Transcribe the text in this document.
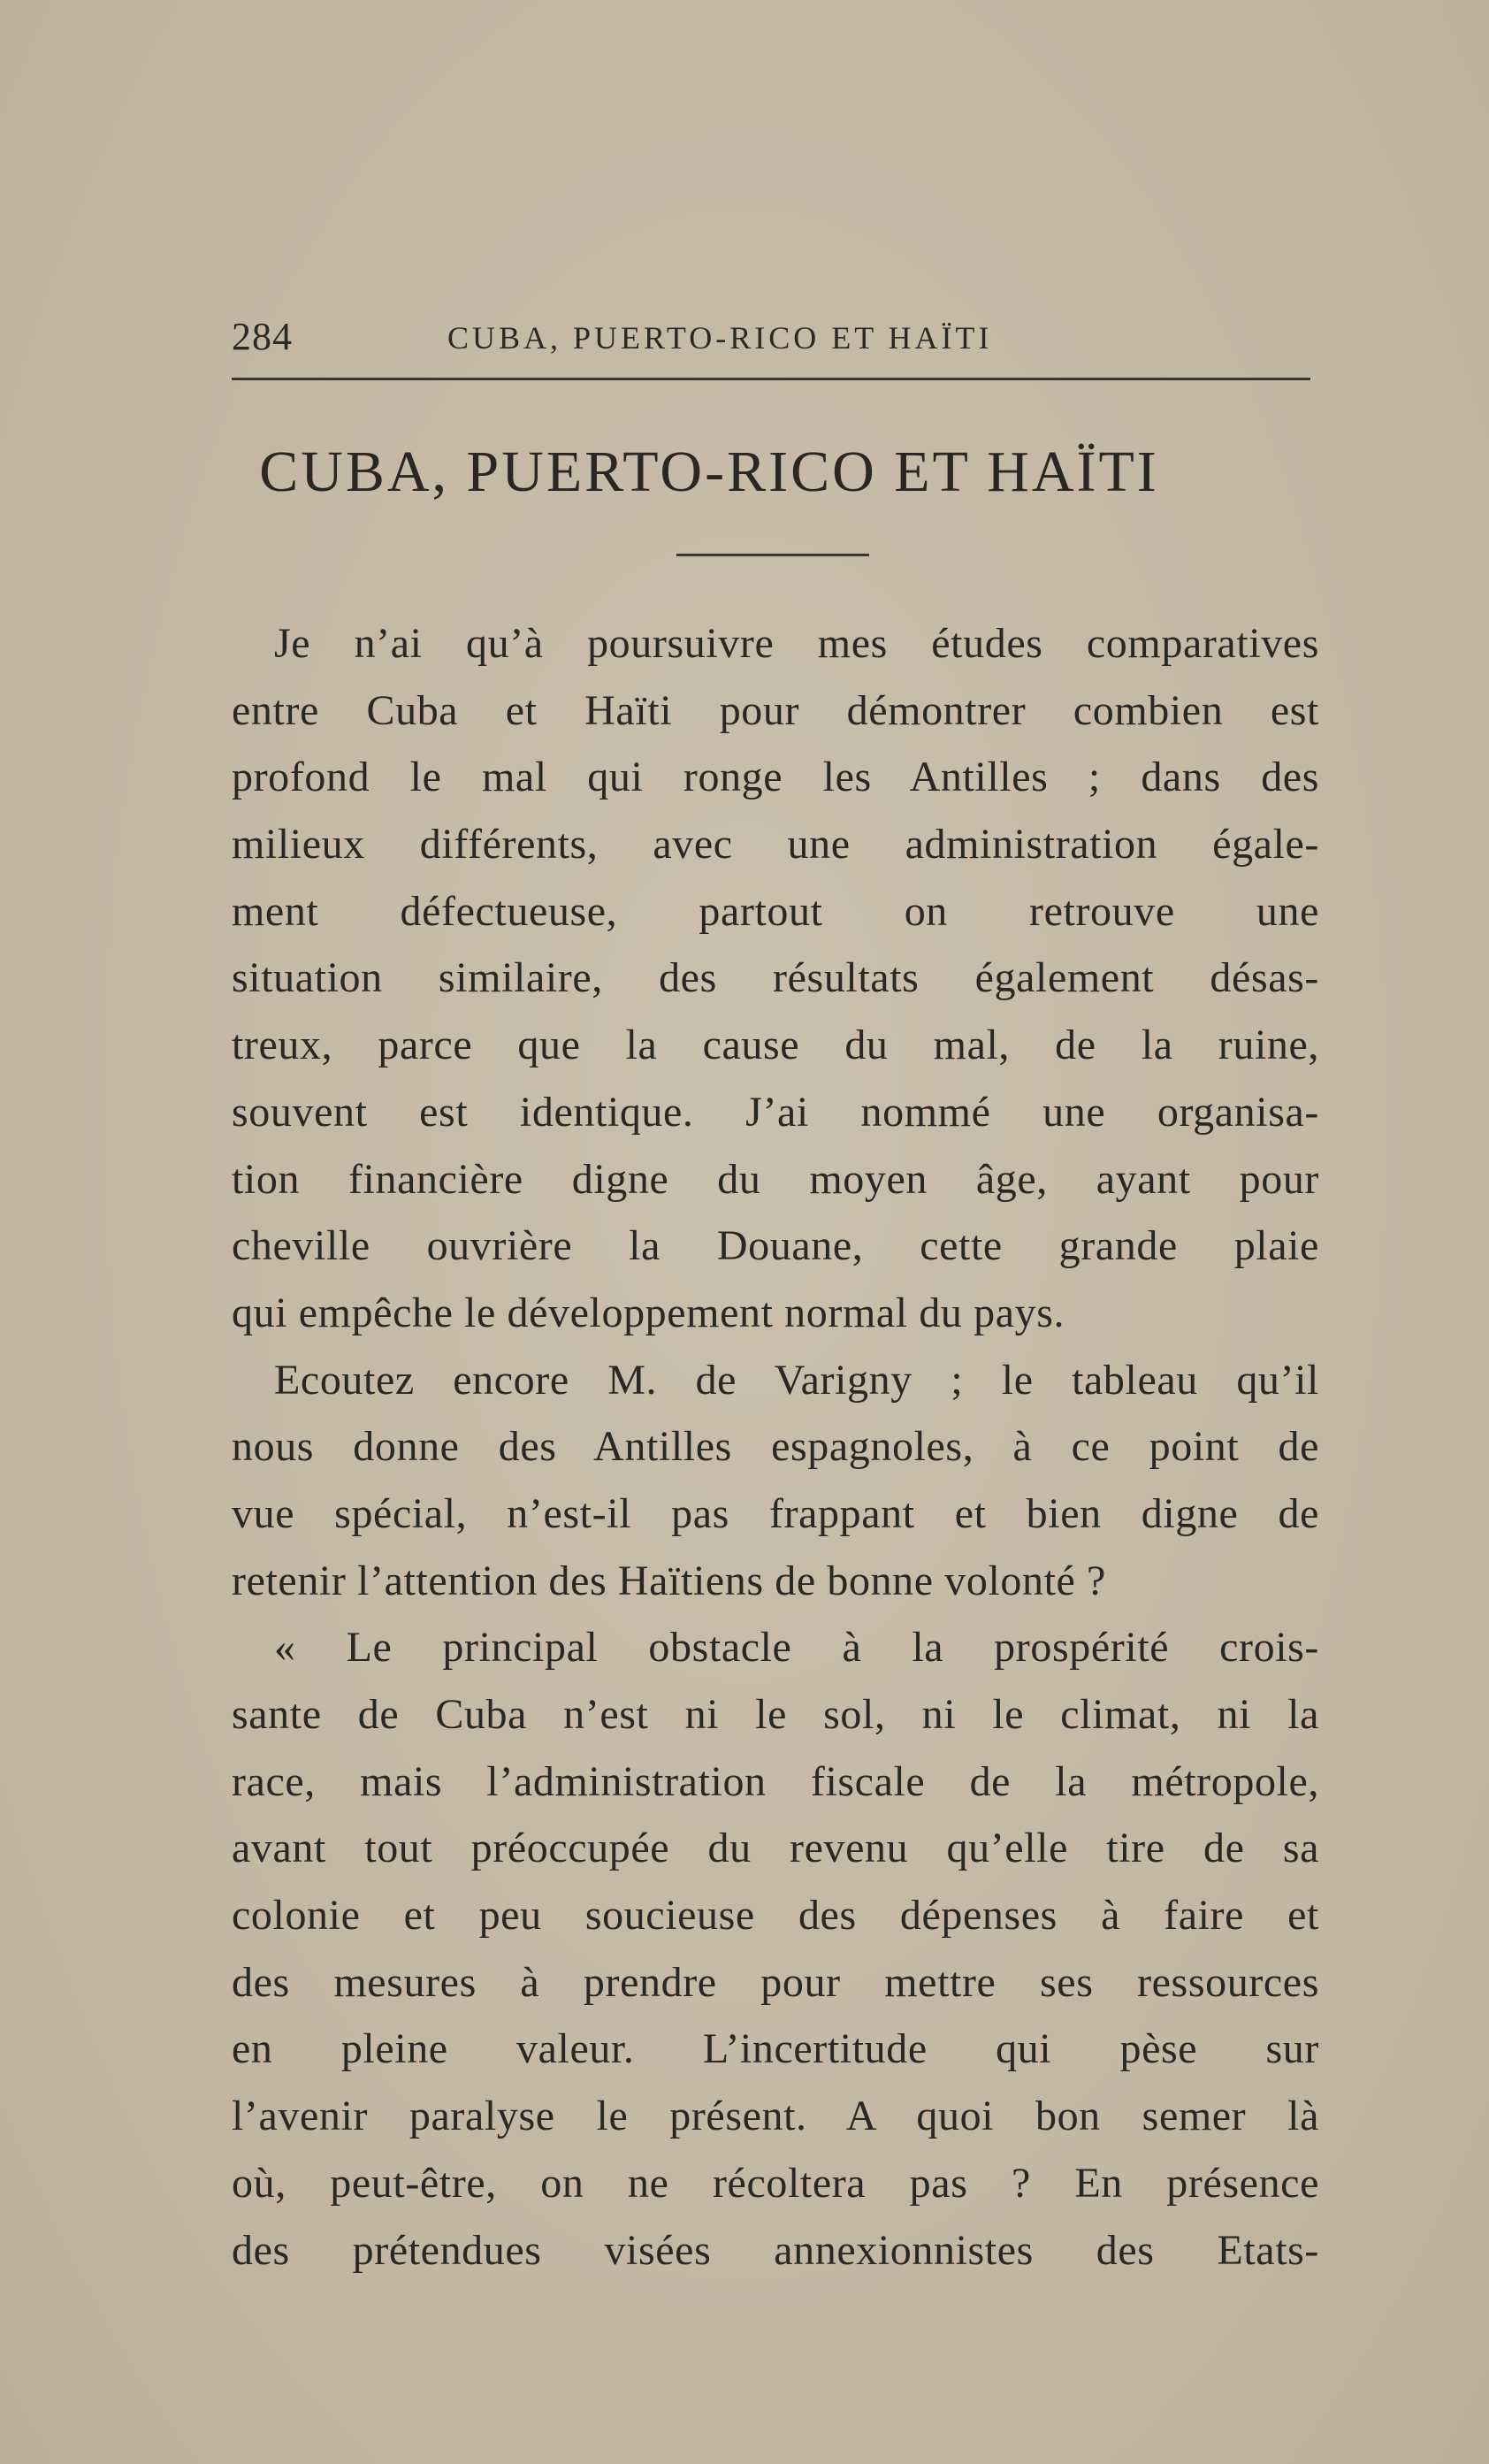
284	CUBA, PUERTO-RICO ET HAÏTI
CUBA, PUERTO-RICO ET HAÏTI
Je n’ai qu’à poursuivre mes études comparatives
entre Cuba et Haïti pour démontrer combien est
profond le mal qui ronge les Antilles ; dans des
milieux différents, avec une administration égale-
ment défectueuse, partout on retrouve une
situation similaire, des résultats également désas-
treux, parce que la cause du mal, de la ruine,
souvent est identique. J’ai nommé une organisa-
tion financière digne du moyen âge, ayant pour
cheville ouvrière la Douane, cette grande plaie
qui empêche le développement normal du pays.
Ecoutez encore M. de Varigny ; le tableau qu’il
nous donne des Antilles espagnoles, à ce point de
vue spécial, n’est-il pas frappant et bien digne de
retenir l’attention des Haïtiens de bonne volonté ?
« Le principal obstacle à la prospérité crois-
sante de Cuba n’est ni le sol, ni le climat, ni la
race, mais l’administration fiscale de la métropole,
avant tout préoccupée du revenu qu’elle tire de sa
colonie et peu soucieuse des dépenses à faire et
des mesures à prendre pour mettre ses ressources
en pleine valeur. L’incertitude qui pèse sur
l’avenir paralyse le présent. A quoi bon semer là
où, peut-être, on ne récoltera pas ? En présence
des prétendues visées annexionnistes des Etats-
